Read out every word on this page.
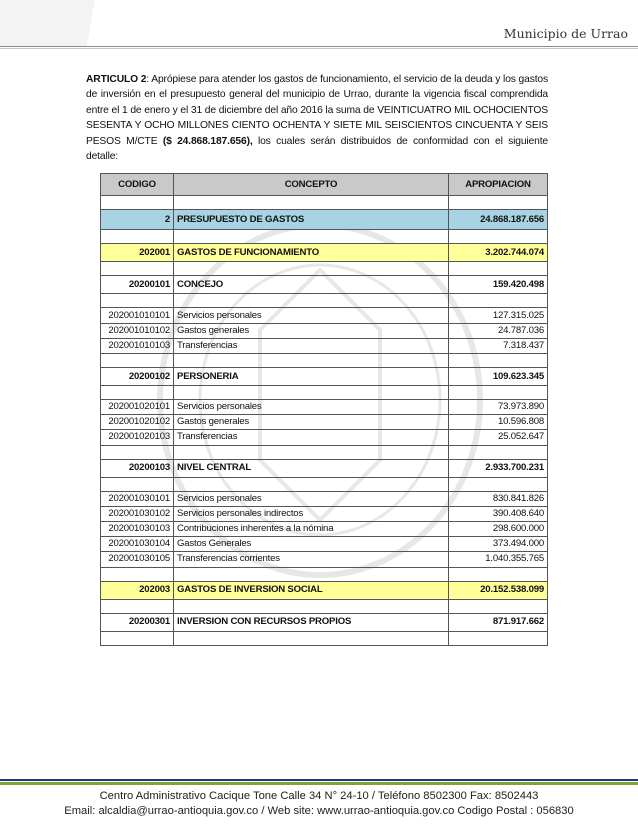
Municipio de Urrao

ARTICULO 2: Aprópiese para atender los gastos de funcionamiento, el servicio de la deuda y los gastos de inversión en el presupuesto general del municipio de Urrao, durante la vigencia fiscal comprendida entre el 1 de enero y el 31 de diciembre del año 2016 la suma de VEINTICUATRO MIL OCHOCIENTOS SESENTA Y OCHO MILLONES CIENTO OCHENTA Y SIETE MIL SEISCIENTOS CINCUENTA Y SEIS PESOS M/CTE ($ 24.868.187.656), los cuales serán distribuidos de conformidad con el siguiente detalle:

CODIGO	CONCEPTO	APROPIACION

2	PRESUPUESTO DE GASTOS	24.868.187.656

202001	GASTOS DE FUNCIONAMIENTO	3.202.744.074

20200101	CONCEJO	159.420.498

202001010101	Servicios personales	127.315.025
202001010102	Gastos generales	24.787.036
202001010103	Transferencias	7.318.437

20200102	PERSONERIA	109.623.345

202001020101	Servicios personales	73.973.890
202001020102	Gastos generales	10.596.808
202001020103	Transferencias	25.052.647

20200103	NIVEL CENTRAL	2.933.700.231

202001030101	Servicios personales	830.841.826
202001030102	Servicios personales indirectos	390.408.640
202001030103	Contribuciones inherentes a la nómina	298.600.000
202001030104	Gastos Generales	373.494.000
202001030105	Transferencias corrientes	1.040.355.765

202003	GASTOS DE INVERSION SOCIAL	20.152.538.099

20200301	INVERSION CON RECURSOS PROPIOS	871.917.662

Centro Administrativo Cacique Tone Calle 34 N° 24-10 / Teléfono 8502300 Fax: 8502443
Email: alcaldia@urrao-antioquia.gov.co / Web site: www.urrao-antioquia.gov.co Codigo Postal : 056830
